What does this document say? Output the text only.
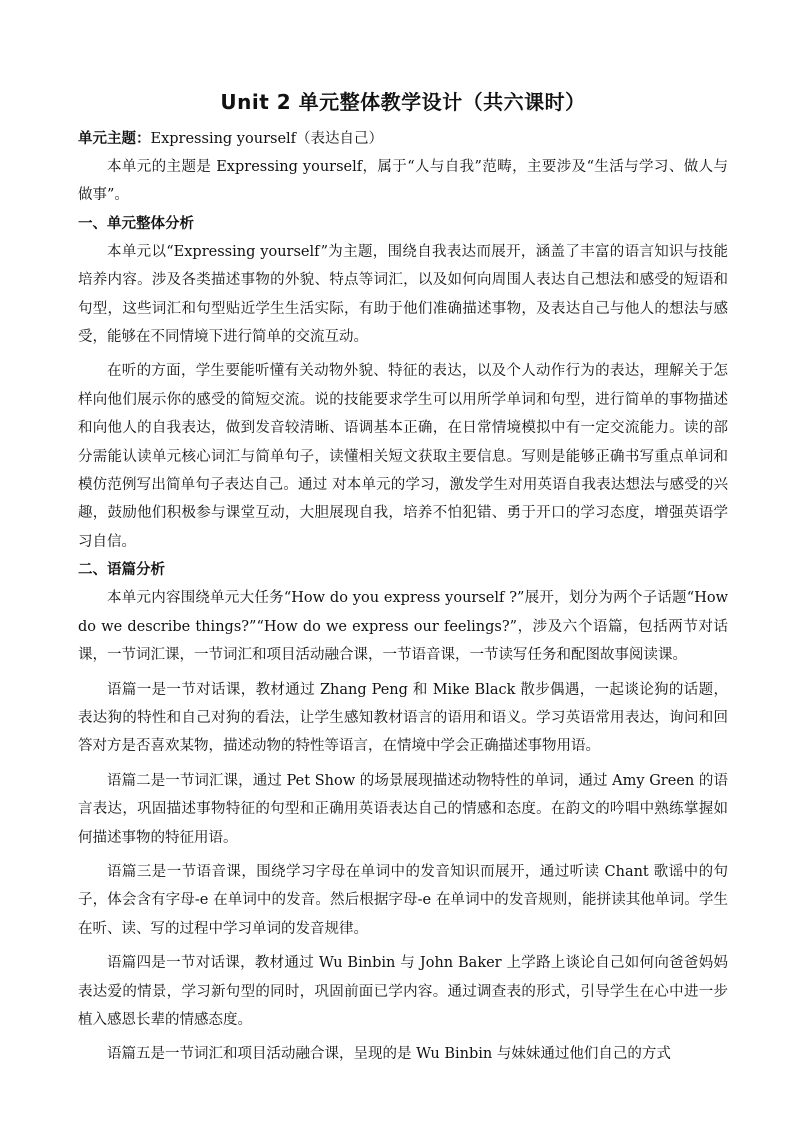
Unit 2 单元整体教学设计（共六课时）

单元主题：Expressing yourself（表达自己）

本单元的主题是 Expressing yourself，属于“人与自我”范畴，主要涉及“生活与学习、做人与做事”。

一、单元整体分析

本单元以“Expressing yourself”为主题，围绕自我表达而展开，涵盖了丰富的语言知识与技能培养内容。涉及各类描述事物的外貌、特点等词汇，以及如何向周围人表达自己想法和感受的短语和句型，这些词汇和句型贴近学生生活实际，有助于他们准确描述事物，及表达自己与他人的想法与感受，能够在不同情境下进行简单的交流互动。

在听的方面，学生要能听懂有关动物外貌、特征的表达，以及个人动作行为的表达，理解关于怎样向他们展示你的感受的简短交流。说的技能要求学生可以用所学单词和句型，进行简单的事物描述和向他人的自我表达，做到发音较清晰、语调基本正确，在日常情境模拟中有一定交流能力。读的部分需能认读单元核心词汇与简单句子，读懂相关短文获取主要信息。写则是能够正确书写重点单词和模仿范例写出简单句子表达自己。通过 对本单元的学习，激发学生对用英语自我表达想法与感受的兴趣，鼓励他们积极参与课堂互动，大胆展现自我，培养不怕犯错、勇于开口的学习态度，增强英语学习自信。

二、语篇分析

本单元内容围绕单元大任务“How do you express yourself ?”展开，划分为两个子话题“How do we describe things?”“How do we express our feelings?”，涉及六个语篇，包括两节对话课，一节词汇课，一节词汇和项目活动融合课，一节语音课，一节读写任务和配图故事阅读课。

语篇一是一节对话课，教材通过 Zhang Peng 和 Mike Black 散步偶遇，一起谈论狗的话题，表达狗的特性和自己对狗的看法，让学生感知教材语言的语用和语义。学习英语常用表达，询问和回答对方是否喜欢某物，描述动物的特性等语言，在情境中学会正确描述事物用语。

语篇二是一节词汇课，通过 Pet Show 的场景展现描述动物特性的单词，通过 Amy Green 的语言表达，巩固描述事物特征的句型和正确用英语表达自己的情感和态度。在韵文的吟唱中熟练掌握如何描述事物的特征用语。

语篇三是一节语音课，围绕学习字母在单词中的发音知识而展开，通过听读 Chant 歌谣中的句子，体会含有字母-e 在单词中的发音。然后根据字母-e 在单词中的发音规则，能拼读其他单词。学生在听、读、写的过程中学习单词的发音规律。

语篇四是一节对话课，教材通过 Wu Binbin 与 John Baker 上学路上谈论自己如何向爸爸妈妈表达爱的情景，学习新句型的同时，巩固前面已学内容。通过调查表的形式，引导学生在心中进一步植入感恩长辈的情感态度。

语篇五是一节词汇和项目活动融合课，呈现的是 Wu Binbin 与妹妹通过他们自己的方式
